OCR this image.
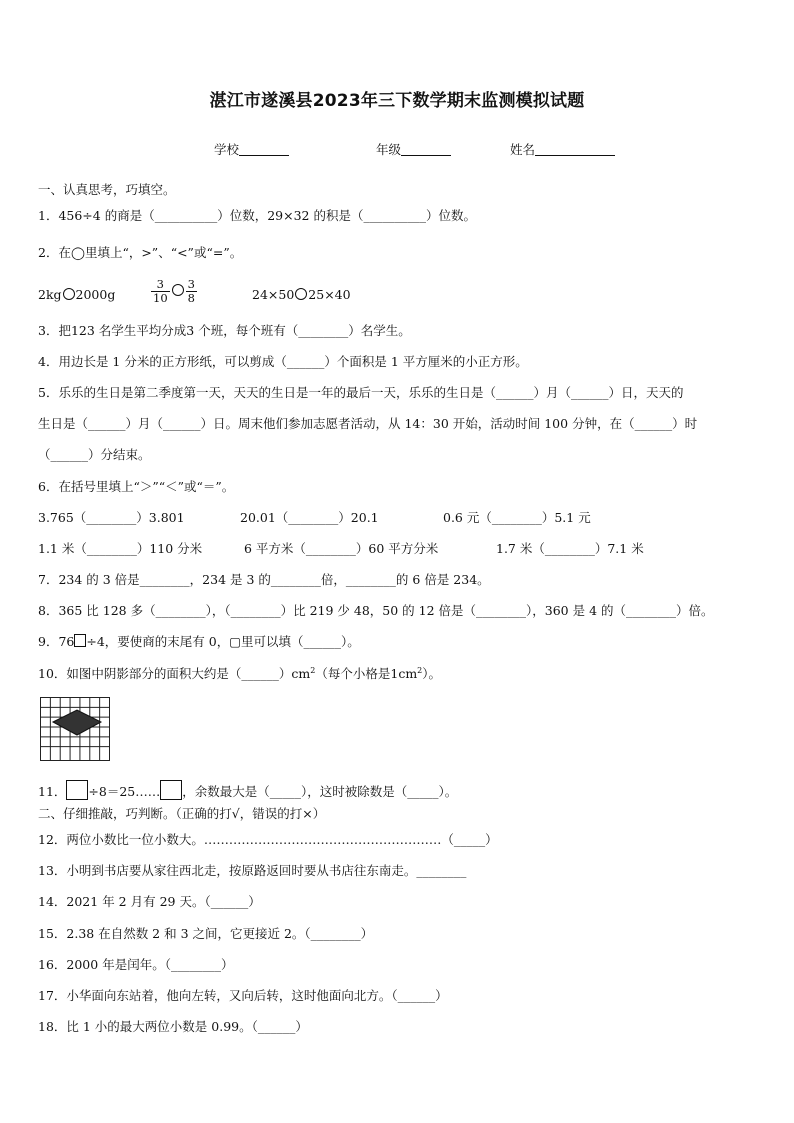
湛江市遂溪县2023年三下数学期末监测模拟试题
学校	年级	姓名
一、认真思考，巧填空。
1．456÷4 的商是（__________）位数，29×32 的积是（__________）位数。
2．在◯里填上“，>”、“<”或“=”。
2kg 2000g	$\frac{3}{10} \frac{3}{8}$	24×50 25×40
3．把123 名学生平均分成3 个班，每个班有（________）名学生。
4．用边长是 1 分米的正方形纸，可以剪成（______）个面积是 1 平方厘米的小正方形。
5．乐乐的生日是第二季度第一天，天天的生日是一年的最后一天，乐乐的生日是（______）月（______）日，天天的
生日是（______）月（______）日。周末他们参加志愿者活动，从 14：30 开始，活动时间 100 分钟，在（______）时
（______）分结束。
6．在括号里填上“＞”“＜”或“＝”。
3.765（________）3.801	20.01（________）20.1	0.6 元（________）5.1 元
1.1 米（________）110 分米	6 平方米（________）60 平方分米	1.7 米（________）7.1 米
7．234 的 3 倍是________，234 是 3 的________倍，________的 6 倍是 234。
8．365 比 128 多（________），（________）比 219 少 48，50 的 12 倍是（________），360 是 4 的（________）倍。
9．76 ÷4，要使商的末尾有 0，▢里可以填（______）。
10．如图中阴影部分的面积大约是$(\_\_\_\_\_\_)cm^2$（每个小格是$1cm^2$）。
11． ÷8＝25…… ，余数最大是（_____），这时被除数是（_____）。
二、仔细推敲，巧判断。（正确的打√，错误的打×）
12．两位小数比一位小数大。…………………………………………………（_____）
13．小明到书店要从家往西北走，按原路返回时要从书店往东南走。________
14．2021 年 2 月有 29 天。（______）
15．2.38 在自然数 2 和 3 之间，它更接近 2。（________）
16．2000 年是闰年。（________）
17．小华面向东站着，他向左转，又向后转，这时他面向北方。（______）
18．比 1 小的最大两位小数是 0.99。（______）
